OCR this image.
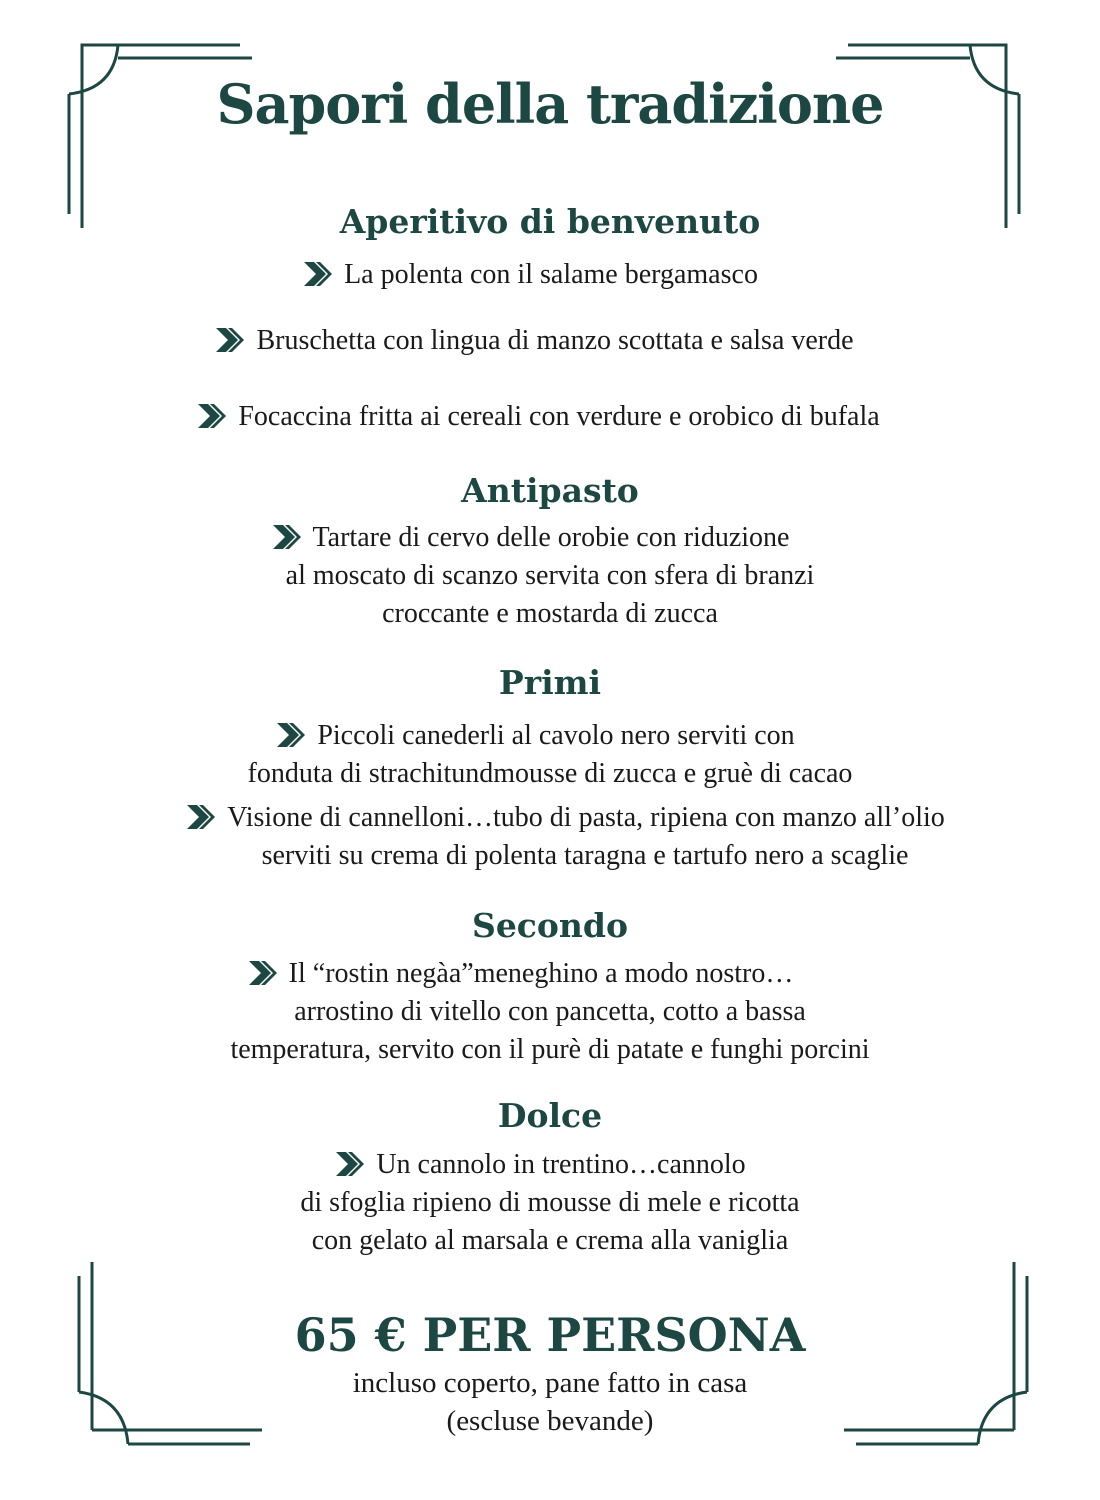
Sapori della tradizione
Aperitivo di benvenuto
La polenta con il salame bergamasco
Bruschetta con lingua di manzo scottata e salsa verde
Focaccina fritta ai cereali con verdure e orobico di bufala
Antipasto
Tartare di cervo delle orobie con riduzione
al moscato di scanzo servita con sfera di branzi
croccante e mostarda di zucca
Primi
Piccoli canederli al cavolo nero serviti con
fonduta di strachitundmousse di zucca e gruè di cacao
Visione di cannelloni…tubo di pasta, ripiena con manzo all’olio
serviti su crema di polenta taragna e tartufo nero a scaglie
Secondo
Il “rostin negàa”meneghino a modo nostro…
arrostino di vitello con pancetta, cotto a bassa
temperatura, servito con il purè di patate e funghi porcini
Dolce
Un cannolo in trentino…cannolo
di sfoglia ripieno di mousse di mele e ricotta
con gelato al marsala e crema alla vaniglia
65 € PER PERSONA
incluso coperto, pane fatto in casa
(escluse bevande)
